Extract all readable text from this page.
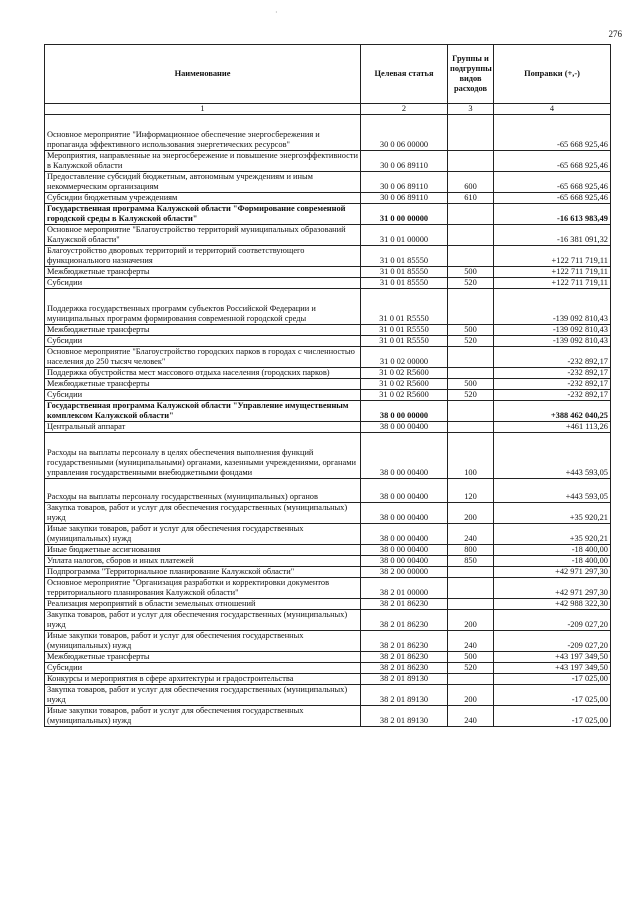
·
276
Наименование	Целевая статья	Группы и подгруппы видов расходов	Поправки (+,-)
1	2	3	4
Основное мероприятие "Информационное обеспечение энергосбережения и пропаганда эффективного использования энергетических ресурсов"	30 0 06 00000		-65 668 925,46
Мероприятия, направленные на энергосбережение и повышение энергоэффективности в Калужской области	30 0 06 89110		-65 668 925,46
Предоставление субсидий бюджетным, автономным учреждениям и иным некоммерческим организациям	30 0 06 89110	600	-65 668 925,46
Субсидии бюджетным учреждениям	30 0 06 89110	610	-65 668 925,46
Государственная программа Калужской области "Формирование современной городской среды в Калужской области"	31 0 00 00000		-16 613 983,49
Основное мероприятие "Благоустройство территорий муниципальных образований Калужской области"	31 0 01 00000		-16 381 091,32
Благоустройство дворовых территорий и территорий соответствующего функционального назначения	31 0 01 85550		+122 711 719,11
Межбюджетные трансферты	31 0 01 85550	500	+122 711 719,11
Субсидии	31 0 01 85550	520	+122 711 719,11
Поддержка государственных программ субъектов Российской Федерации и муниципальных программ формирования современной городской среды	31 0 01 R5550		-139 092 810,43
Межбюджетные трансферты	31 0 01 R5550	500	-139 092 810,43
Субсидии	31 0 01 R5550	520	-139 092 810,43
Основное мероприятие "Благоустройство городских парков в городах с численностью населения до 250 тысяч человек"	31 0 02 00000		-232 892,17
Поддержка обустройства мест массового отдыха населения (городских парков)	31 0 02 R5600		-232 892,17
Межбюджетные трансферты	31 0 02 R5600	500	-232 892,17
Субсидии	31 0 02 R5600	520	-232 892,17
Государственная программа Калужской области "Управление имущественным комплексом Калужской области"	38 0 00 00000		+388 462 040,25
Центральный аппарат	38 0 00 00400		+461 113,26
Расходы на выплаты персоналу в целях обеспечения выполнения функций государственными (муниципальными) органами, казенными учреждениями, органами управления государственными внебюджетными фондами	38 0 00 00400	100	+443 593,05
Расходы на выплаты персоналу государственных (муниципальных) органов	38 0 00 00400	120	+443 593,05
Закупка товаров, работ и услуг для обеспечения государственных (муниципальных) нужд	38 0 00 00400	200	+35 920,21
Иные закупки товаров, работ и услуг для обеспечения государственных (муниципальных) нужд	38 0 00 00400	240	+35 920,21
Иные бюджетные ассигнования	38 0 00 00400	800	-18 400,00
Уплата налогов, сборов и иных платежей	38 0 00 00400	850	-18 400,00
Подпрограмма "Территориальное планирование Калужской области"	38 2 00 00000		+42 971 297,30
Основное мероприятие "Организация разработки и корректировки документов территориального планирования Калужской области"	38 2 01 00000		+42 971 297,30
Реализация мероприятий в области земельных отношений	38 2 01 86230		+42 988 322,30
Закупка товаров, работ и услуг для обеспечения государственных (муниципальных) нужд	38 2 01 86230	200	-209 027,20
Иные закупки товаров, работ и услуг для обеспечения государственных (муниципальных) нужд	38 2 01 86230	240	-209 027,20
Межбюджетные трансферты	38 2 01 86230	500	+43 197 349,50
Субсидии	38 2 01 86230	520	+43 197 349,50
Конкурсы и мероприятия в сфере архитектуры и градостроительства	38 2 01 89130		-17 025,00
Закупка товаров, работ и услуг для обеспечения государственных (муниципальных) нужд	38 2 01 89130	200	-17 025,00
Иные закупки товаров, работ и услуг для обеспечения государственных (муниципальных) нужд	38 2 01 89130	240	-17 025,00
